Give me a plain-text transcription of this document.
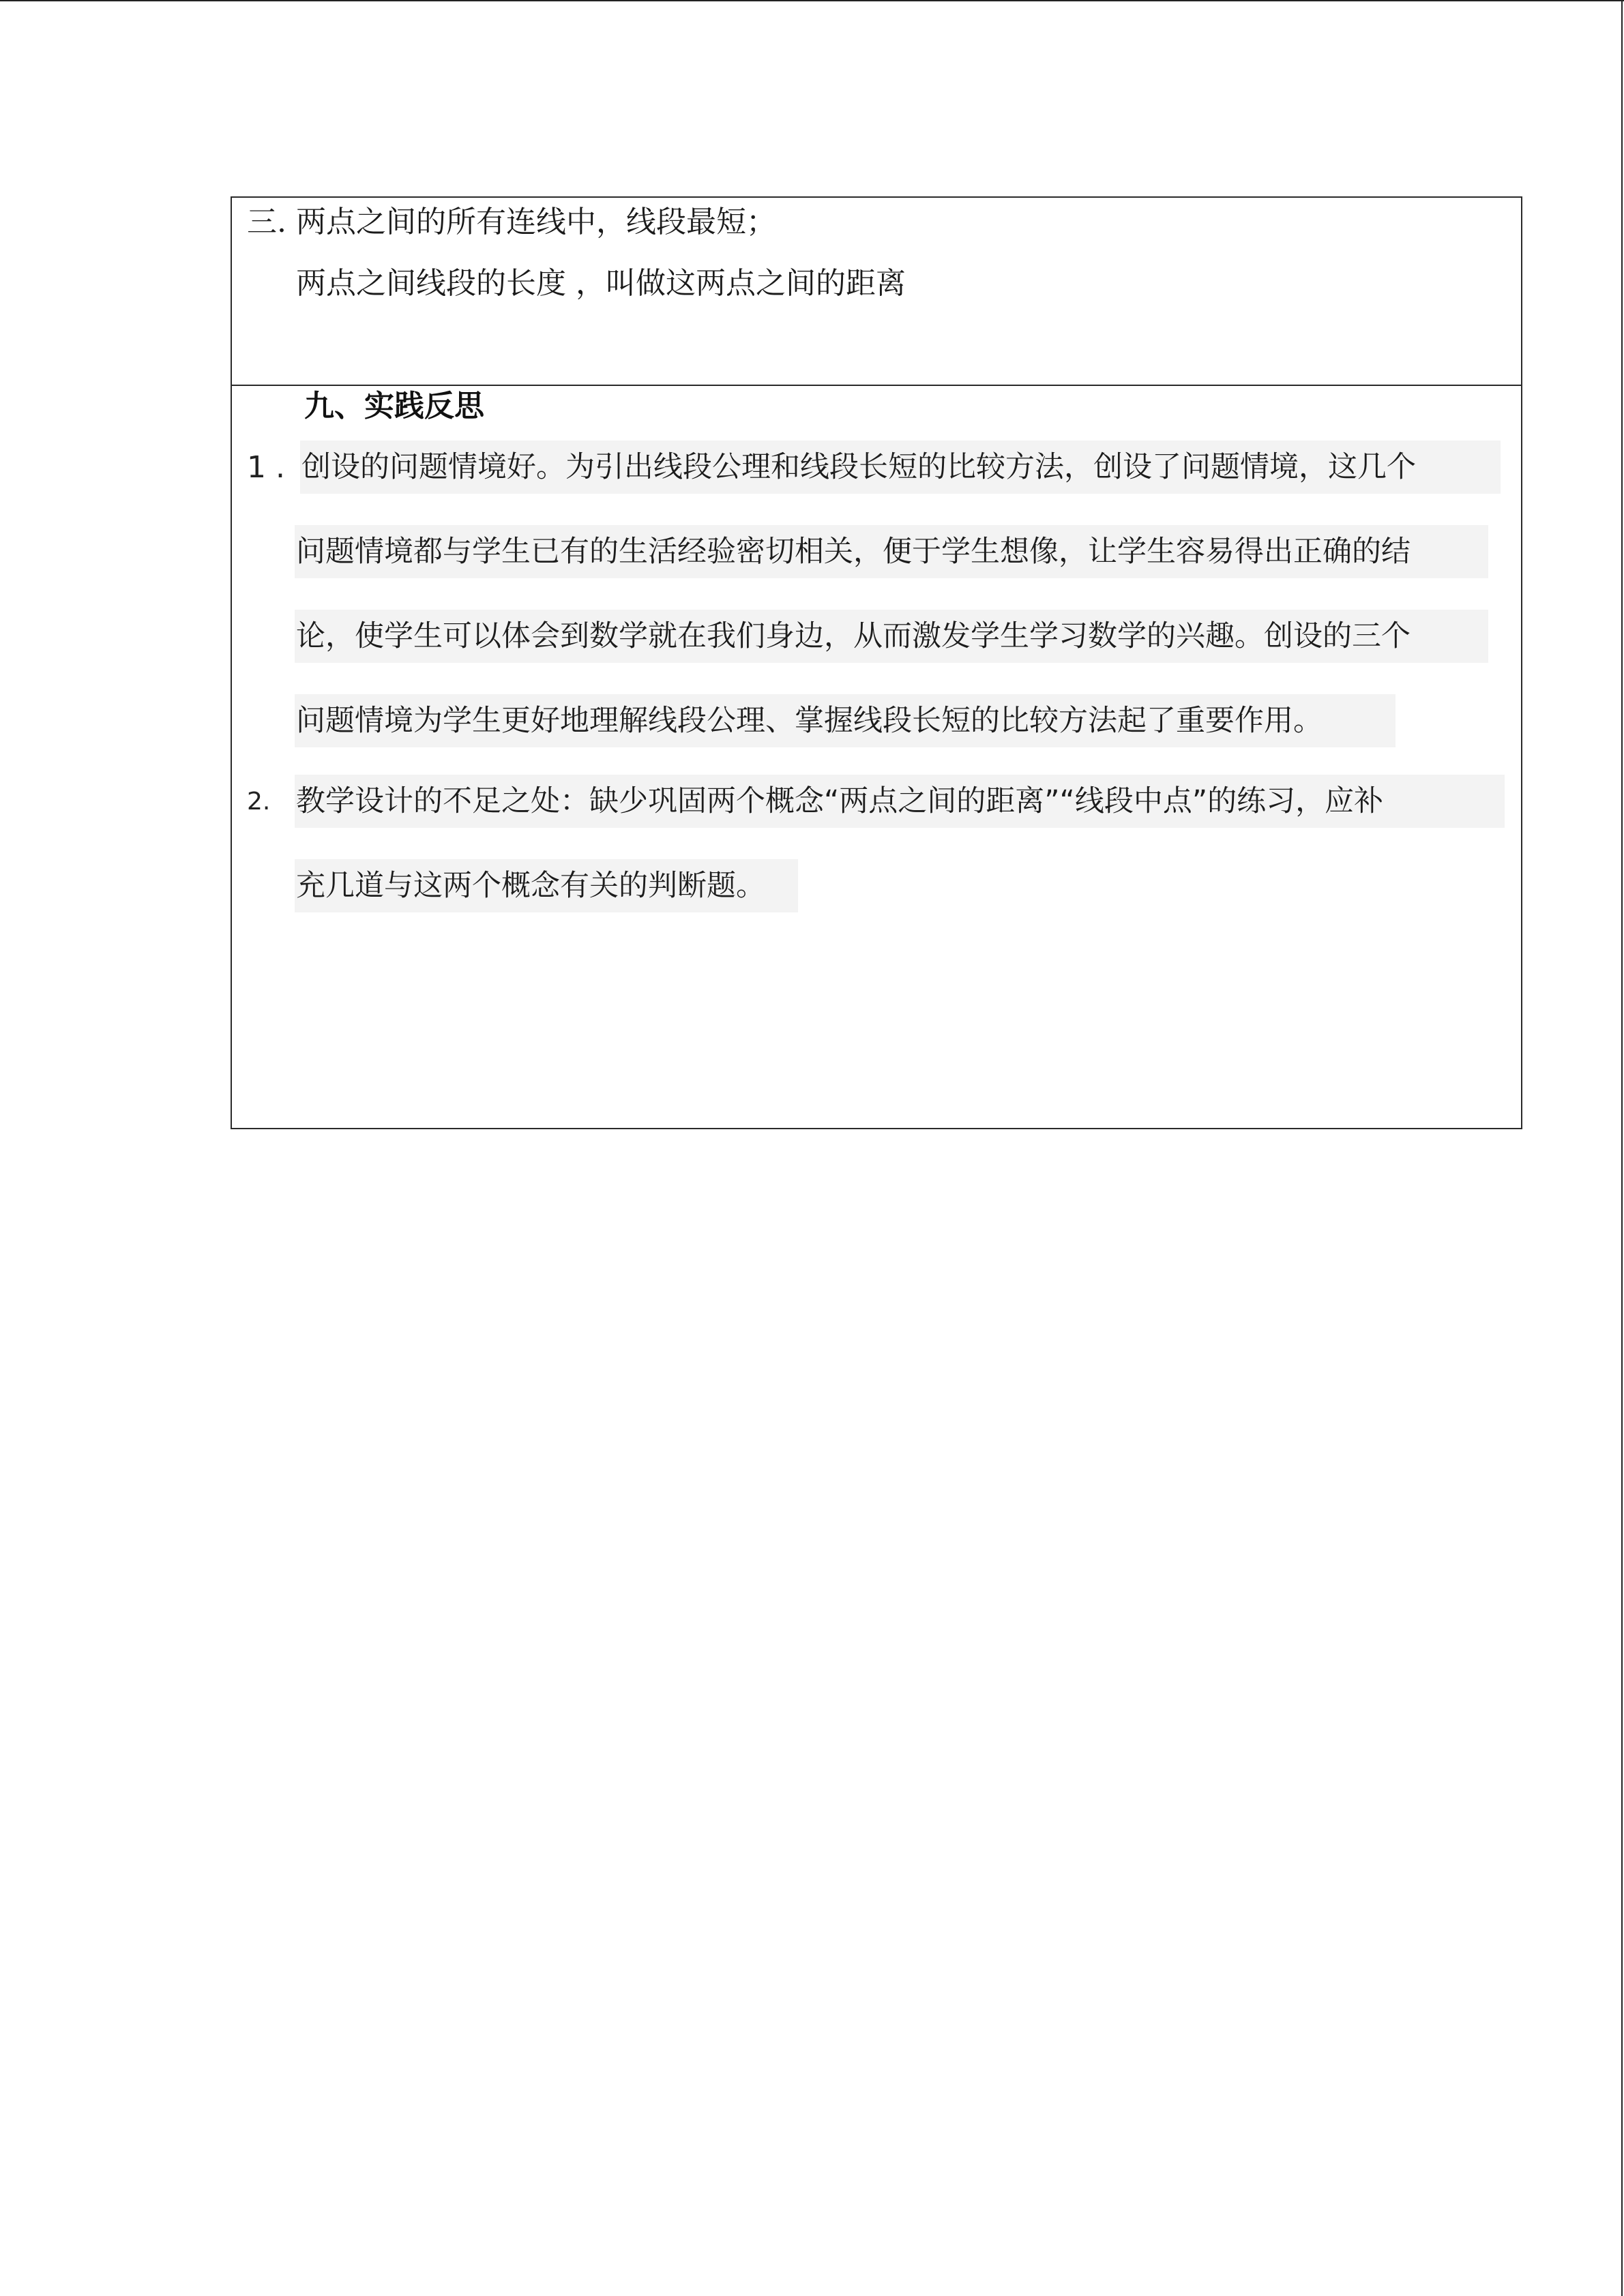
三. 两点之间的所有连线中，线段最短；
两点之间线段的长度 ，叫做这两点之间的距离
九、实践反思
1 . 创设的问题情境好。为引出线段公理和线段长短的比较方法，创设了问题情境，这几个
问题情境都与学生已有的生活经验密切相关，便于学生想像，让学生容易得出正确的结
论，使学生可以体会到数学就在我们身边，从而激发学生学习数学的兴趣。创设的三个
问题情境为学生更好地理解线段公理、掌握线段长短的比较方法起了重要作用。
2. 教学设计的不足之处：缺少巩固两个概念“两点之间的距离”“线段中点”的练习，应补
充几道与这两个概念有关的判断题。
